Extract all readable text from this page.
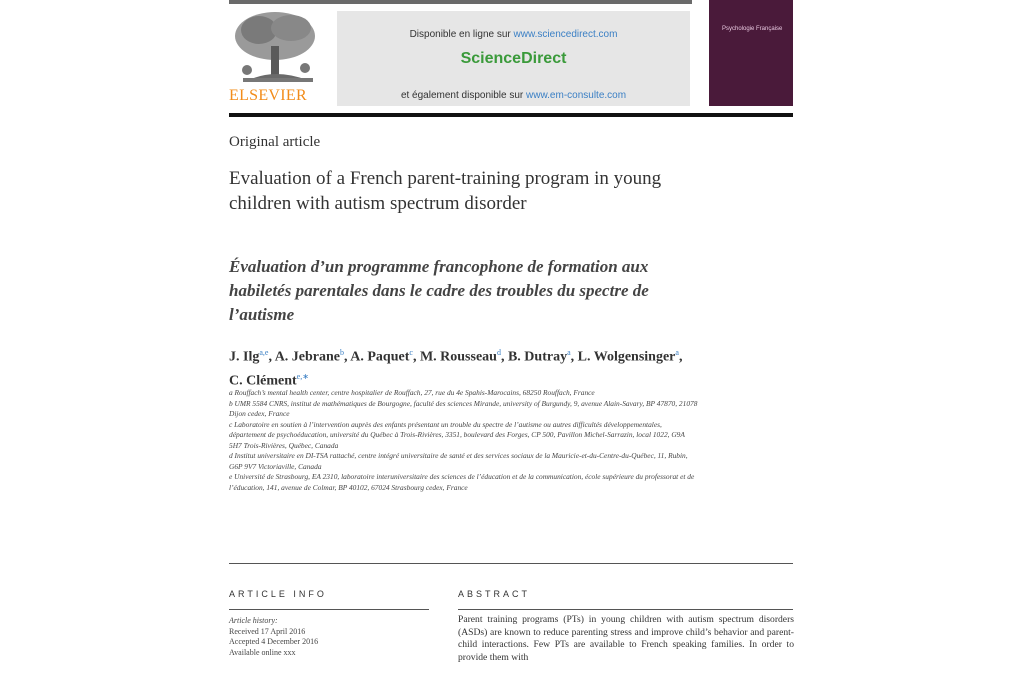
ELSEVIER
Disponible en ligne sur www.sciencedirect.com
ScienceDirect
et également disponible sur www.em-consulte.com
Psychologie Française
Original article
Evaluation of a French parent-training program in young children with autism spectrum disorder
Évaluation d’un programme francophone de formation aux habiletés parentales dans le cadre des troubles du spectre de l’autisme
J. Ilg$^{a,e}$, A. Jebrane$^b$, A. Paquet$^c$, M. Rousseau$^d$, B. Dutray$^a$, L. Wolgensinger$^a$, C. Clément$^{e,∗}$
a Rouffach’s mental health center, centre hospitalier de Rouffach, 27, rue du 4e Spahis-Marocains, 68250 Rouffach, France
b UMR 5584 CNRS, institut de mathématiques de Bourgogne, faculté des sciences Mirande, university of Burgundy, 9, avenue Alain-Savary, BP 47870, 21078 Dijon cedex, France
c Laboratoire en soutien à l’intervention auprès des enfants présentant un trouble du spectre de l’autisme ou autres difficultés développementales, département de psychoéducation, université du Québec à Trois-Rivières, 3351, boulevard des Forges, CP 500, Pavillon Michel-Sarrazin, local 1022, G9A 5H7 Trois-Rivières, Québec, Canada
d Institut universitaire en DI-TSA rattaché, centre intégré universitaire de santé et des services sociaux de la Mauricie-et-du-Centre-du-Québec, 11, Rubin, G6P 9V7 Victoriaville, Canada
e Université de Strasbourg, EA 2310, laboratoire interuniversitaire des sciences de l’éducation et de la communication, école supérieure du professorat et de l’éducation, 141, avenue de Colmar, BP 40102, 67024 Strasbourg cedex, France
ARTICLE INFO	ABSTRACT
Article history:
Received 17 April 2016
Accepted 4 December 2016
Available online xxx
Parent training programs (PTs) in young children with autism spectrum disorders (ASDs) are known to reduce parenting stress and improve child’s behavior and parent-child interactions. Few PTs are available to French speaking families. In order to provide them with
